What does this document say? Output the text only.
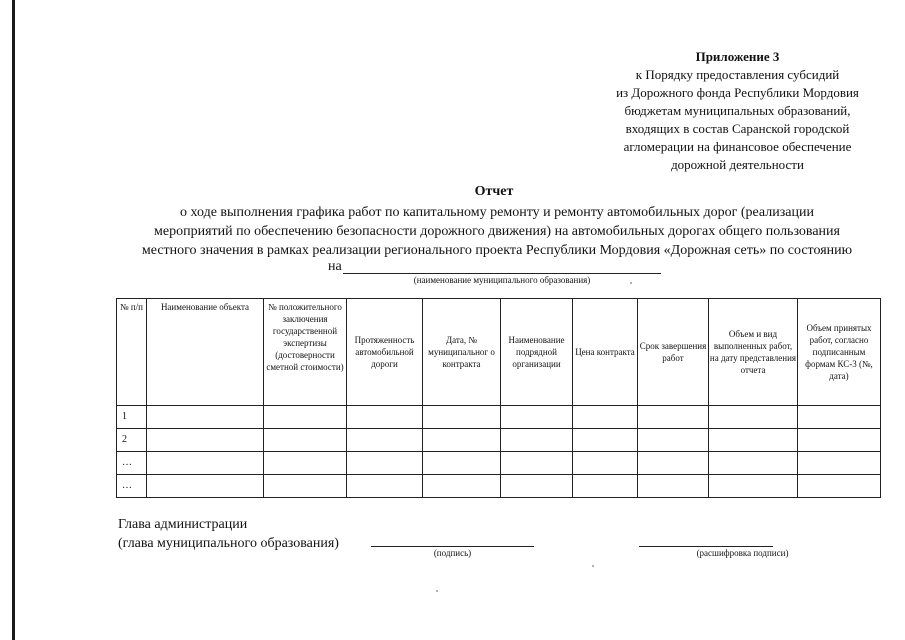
Приложение 3
к Порядку предоставления субсидий
из Дорожного фонда Республики Мордовия
бюджетам муниципальных образований,
входящих в состав Саранской городской
агломерации на финансовое обеспечение
дорожной деятельности
Отчет
о ходе выполнения графика работ по капитальному ремонту и ремонту автомобильных дорог (реализации
мероприятий по обеспечению безопасности дорожного движения) на автомобильных дорогах общего пользования
местного значения в рамках реализации регионального проекта Республики Мордовия «Дорожная сеть» по состоянию
на
(наименование муниципального образования)
№ п/п	Наименование объекта	№ положительного заключения государственной экспертизы (достоверности сметной стоимости)	Протяженность автомобильной дороги	Дата, № муниципальног о контракта	Наименование подрядной организации	Цена контракта	Срок завершения работ	Объем и вид выполненных работ, на дату представления отчета	Объем принятых работ, согласно подписанным формам КС-3 (№, дата)
1									
2									
…									
…									
Глава администрации
(глава муниципального образования)
(подпись)	(расшифровка подписи)
